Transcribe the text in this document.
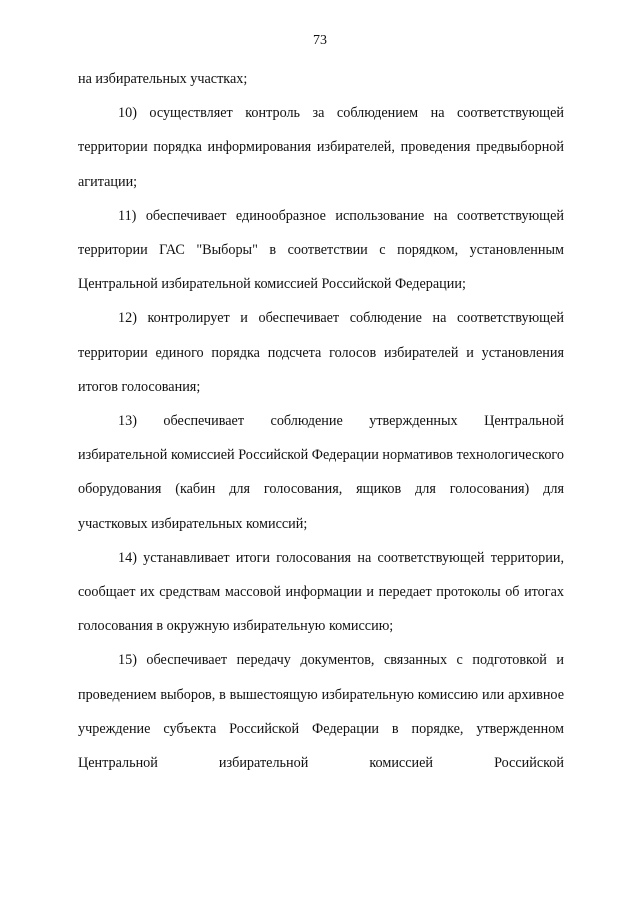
73

на избирательных участках;

10) осуществляет контроль за соблюдением на соответствующей территории порядка информирования избирателей, проведения предвыборной агитации;

11) обеспечивает единообразное использование на соответствующей территории ГАС "Выборы" в соответствии с порядком, установленным Центральной избирательной комиссией Российской Федерации;

12) контролирует и обеспечивает соблюдение на соответствующей территории единого порядка подсчета голосов избирателей и установления итогов голосования;

13) обеспечивает соблюдение утвержденных Центральной избирательной комиссией Российской Федерации нормативов технологического оборудования (кабин для голосования, ящиков для голосования) для участковых избирательных комиссий;

14) устанавливает итоги голосования на соответствующей территории, сообщает их средствам массовой информации и передает протоколы об итогах голосования в окружную избирательную комиссию;

15) обеспечивает передачу документов, связанных с подготовкой и проведением выборов, в вышестоящую избирательную комиссию или архивное учреждение субъекта Российской Федерации в порядке, утвержденном Центральной избирательной комиссией Российской
